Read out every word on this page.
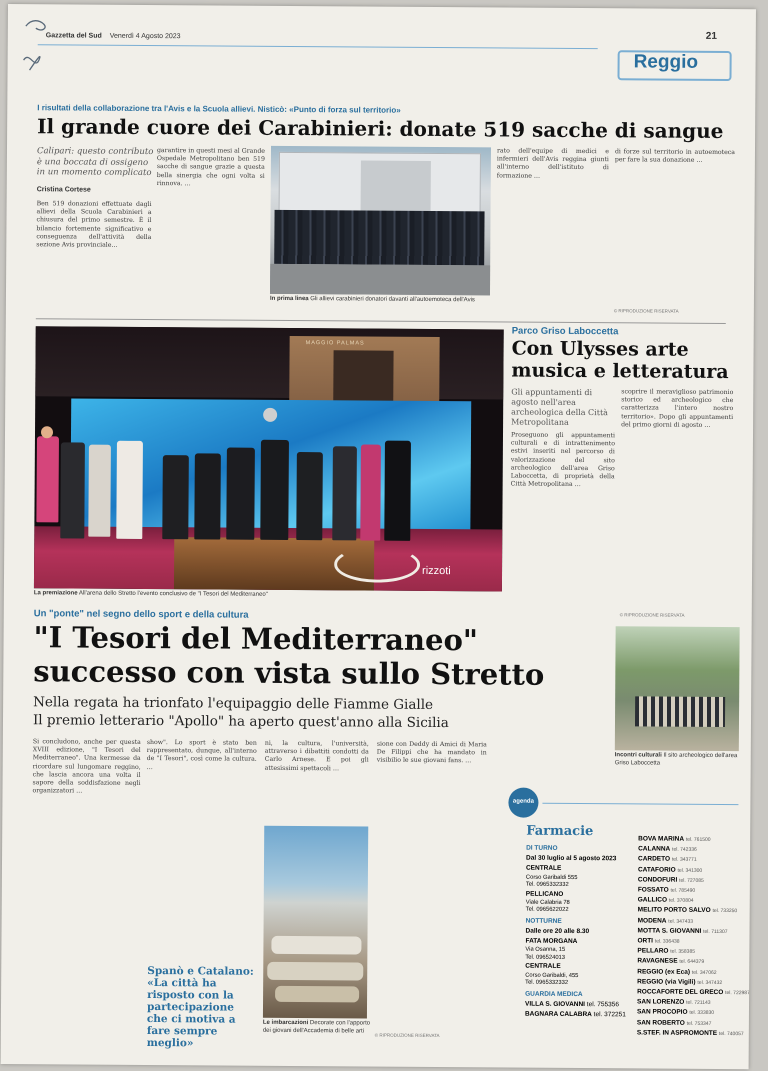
Gazzetta del Sud Venerdì 4 Agosto 2023	21
Reggio
I risultati della collaborazione tra l'Avis e la Scuola allievi. Nisticò: «Punto di forza sul territorio»
Il grande cuore dei Carabinieri: donate 519 sacche di sangue
Calipari: questo contributo è una boccata di ossigeno in un momento complicato
Cristina Cortese
Ben 519 donazioni effettuate dagli allievi della Scuola Carabinieri a chiusura del primo semestre. È il bilancio fortemente significativo e conseguenza dell'attività della sezione Avis provinciale…
garantire in questi mesi al Grande Ospedale Metropolitano ben 519 sacche di sangue grazie a questa bella sinergia che ogni volta si rinnova. …
In prima linea Gli allievi carabinieri donatori davanti all'autoemoteca dell'Avis
rato dell'equipe di medici e infermieri dell'Avis reggina giunti all'interno dell'istituto di formazione …
di forze sul territorio in autoemoteca per fare la sua donazione …
© RIPRODUZIONE RISERVATA
MAGGIO PALMAS
rizzoti
La premiazione All'arena dello Stretto l'evento conclusivo de "I Tesori del Mediterraneo"
Un "ponte" nel segno dello sport e della cultura
"I Tesori del Mediterraneo"
successo con vista sullo Stretto
Nella regata ha trionfato l'equipaggio delle Fiamme Gialle
Il premio letterario "Apollo" ha aperto quest'anno alla Sicilia
Si concludono, anche per questa XVIII edizione, "I Tesori del Mediterraneo". Una kermesse da ricordare sul lungomare reggino, che lascia ancora una volta il sapore della soddisfazione negli organizzatori …
show". Lo sport è stato ben rappresentato, dunque, all'interno de "I Tesori", così come la cultura. …
Spanò e Catalano:
«La città ha risposto con la partecipazione che ci motiva a fare sempre meglio»
ni, la cultura, l'università, attraverso i dibattiti condotti da Carlo Arnese. E poi gli attesissimi spettacoli …
Le imbarcazioni Decorate con l'apporto dei giovani dell'Accademia di belle arti
sione con Deddy di Amici di Maria De Filippi che ha mandato in visibilio le sue giovani fans. …
© RIPRODUZIONE RISERVATA
Parco Griso Laboccetta
Con Ulysses arte
musica e letteratura
Gli appuntamenti di agosto nell'area archeologica della Città Metropolitana
Proseguono gli appuntamenti culturali e di intrattenimento estivi inseriti nel percorso di valorizzazione del sito archeologico dell'area Griso Laboccetta, di proprietà della Città Metropolitana …
scoprire il meraviglioso patrimonio storico ed archeologico che caratterizza l'intero nostro territorio». Dopo gli appuntamenti del primo giorni di agosto …
© RIPRODUZIONE RISERVATA
Incontri culturali Il sito archeologico dell'area Griso Laboccetta
agenda
Farmacie
DI TURNO
Dal 30 luglio al 5 agosto 2023
CENTRALE
Corso Garibaldi 555
Tel. 0965332332
PELLICANO
Viale Calabria 78
Tel. 0965622022
NOTTURNE
Dalle ore 20 alle 8.30
FATA MORGANA
Via Osanna, 15
Tel. 096524013
CENTRALE
Corso Garibaldi, 455
Tel. 0965332332
GUARDIA MEDICA
VILLA S. GIOVANNI tel. 755356
BAGNARA CALABRA tel. 372251
BOVA MARINA tel. 761500
CALANNA tel. 742336
CARDETO tel. 343771
CATAFORIO tel. 341300
CONDOFURI tel. 727085
FOSSATO tel. 785490
GALLICO tel. 370804
MELITO PORTO SALVO tel. 733250
MODENA tel. 347433
MOTTA S. GIOVANNI tel. 711307
ORTI tel. 336438
PELLARO tel. 358385
RAVAGNESE tel. 644379
REGGIO (ex Eca) tel. 347062
REGGIO (via Vigili) tel. 347432
ROCCAFORTE DEL GRECO tel. 722987
SAN LORENZO tel. 721143
SAN PROCOPIO tel. 333830
SAN ROBERTO tel. 753347
S.STEF. IN ASPROMONTE tel. 740057
